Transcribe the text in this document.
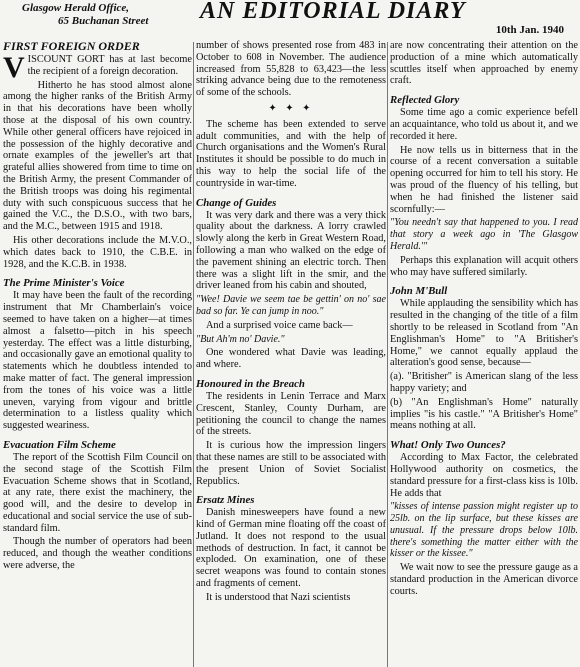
Glasgow Herald Office,
65 Buchanan Street	AN EDITORIAL DIARY
10th Jan. 1940
FIRST FOREIGN ORDER

VISCOUNT GORT has at last become the recipient of a foreign decoration.

Hitherto he has stood almost alone among the higher ranks of the British Army in that his decorations have been wholly those at the disposal of his own country. While other general officers have rejoiced in the possession of the highly decorative and ornate examples of the jeweller's art that grateful allies showered from time to time on the British Army, the present Commander of the British troops was doing his regimental duty with such conspicuous success that he gained the V.C., the D.S.O., with two bars, and the M.C., between 1915 and 1918.

His other decorations include the M.V.O., which dates back to 1910, the C.B.E. in 1928, and the K.C.B. in 1938.

The Prime Minister's Voice

It may have been the fault of the recording instrument that Mr Chamberlain's voice seemed to have taken on a higher—at times almost a falsetto—pitch in his speech yesterday. The effect was a little disturbing, and occasionally gave an emotional quality to statements which he doubtless intended to make matter of fact. The general impression from the tones of his voice was a little uneven, varying from vigour and brittle determination to a listless quality which suggested weariness.

Evacuation Film Scheme

The report of the Scottish Film Council on the second stage of the Scottish Film Evacuation Scheme shows that in Scotland, at any rate, there exist the machinery, the good will, and the desire to develop in educational and social service the use of sub-standard film.

Though the number of operators had been reduced, and though the weather conditions were adverse, the

number of shows presented rose from 483 in October to 608 in November. The audience increased from 55,828 to 63,423—the less striking advance being due to the remoteness of some of the schools.

✦ ✦ ✦

The scheme has been extended to serve adult communities, and with the help of Church organisations and the Women's Rural Institutes it should be possible to do much in this way to help the social life of the countryside in war-time.

Change of Guides

It was very dark and there was a very thick quality about the darkness. A lorry crawled slowly along the kerb in Great Western Road, following a man who walked on the edge of the pavement shining an electric torch. Then there was a slight lift in the smir, and the driver leaned from his cabin and shouted,

"Wee! Davie we seem tae be gettin' on no' sae bad so far. Ye can jump in noo."

And a surprised voice came back—

"But Ah'm no' Davie."

One wondered what Davie was leading, and where.

Honoured in the Breach

The residents in Lenin Terrace and Marx Crescent, Stanley, County Durham, are petitioning the council to change the names of the streets.

It is curious how the impression lingers that these names are still to be associated with the present Union of Soviet Socialist Republics.

Ersatz Mines

Danish minesweepers have found a new kind of German mine floating off the coast of Jutland. It does not respond to the usual methods of destruction. In fact, it cannot be exploded. On examination, one of these secret weapons was found to contain stones and fragments of cement.

It is understood that Nazi scientists

are now concentrating their attention on the production of a mine which automatically scuttles itself when approached by enemy craft.

Reflected Glory

Some time ago a comic experience befell an acquaintance, who told us about it, and we recorded it here.

He now tells us in bitterness that in the course of a recent conversation a suitable opening occurred for him to tell his story. He was proud of the fluency of his telling, but when he had finished the listener said scornfully:—

"You needn't say that happened to you. I read that story a week ago in 'The Glasgow Herald.'"

Perhaps this explanation will acquit others who may have suffered similarly.

John M'Bull

While applauding the sensibility which has resulted in the changing of the title of a film shortly to be released in Scotland from "An Englishman's Home" to "A Britisher's Home," we cannot equally applaud the alteration's good sense, because—

(a). "Britisher" is American slang of the less happy variety; and

(b) "An Englishman's Home" naturally implies "is his castle." "A Britisher's Home" means nothing at all.

What! Only Two Ounces?

According to Max Factor, the celebrated Hollywood authority on cosmetics, the standard pressure for a first-class kiss is 10lb. He adds that

"kisses of intense passion might register up to 25lb. on the lip surface, but these kisses are unusual. If the pressure drops below 10lb. there's something the matter either with the kisser or the kissee."

We wait now to see the pressure gauge as a standard production in the American divorce courts.
